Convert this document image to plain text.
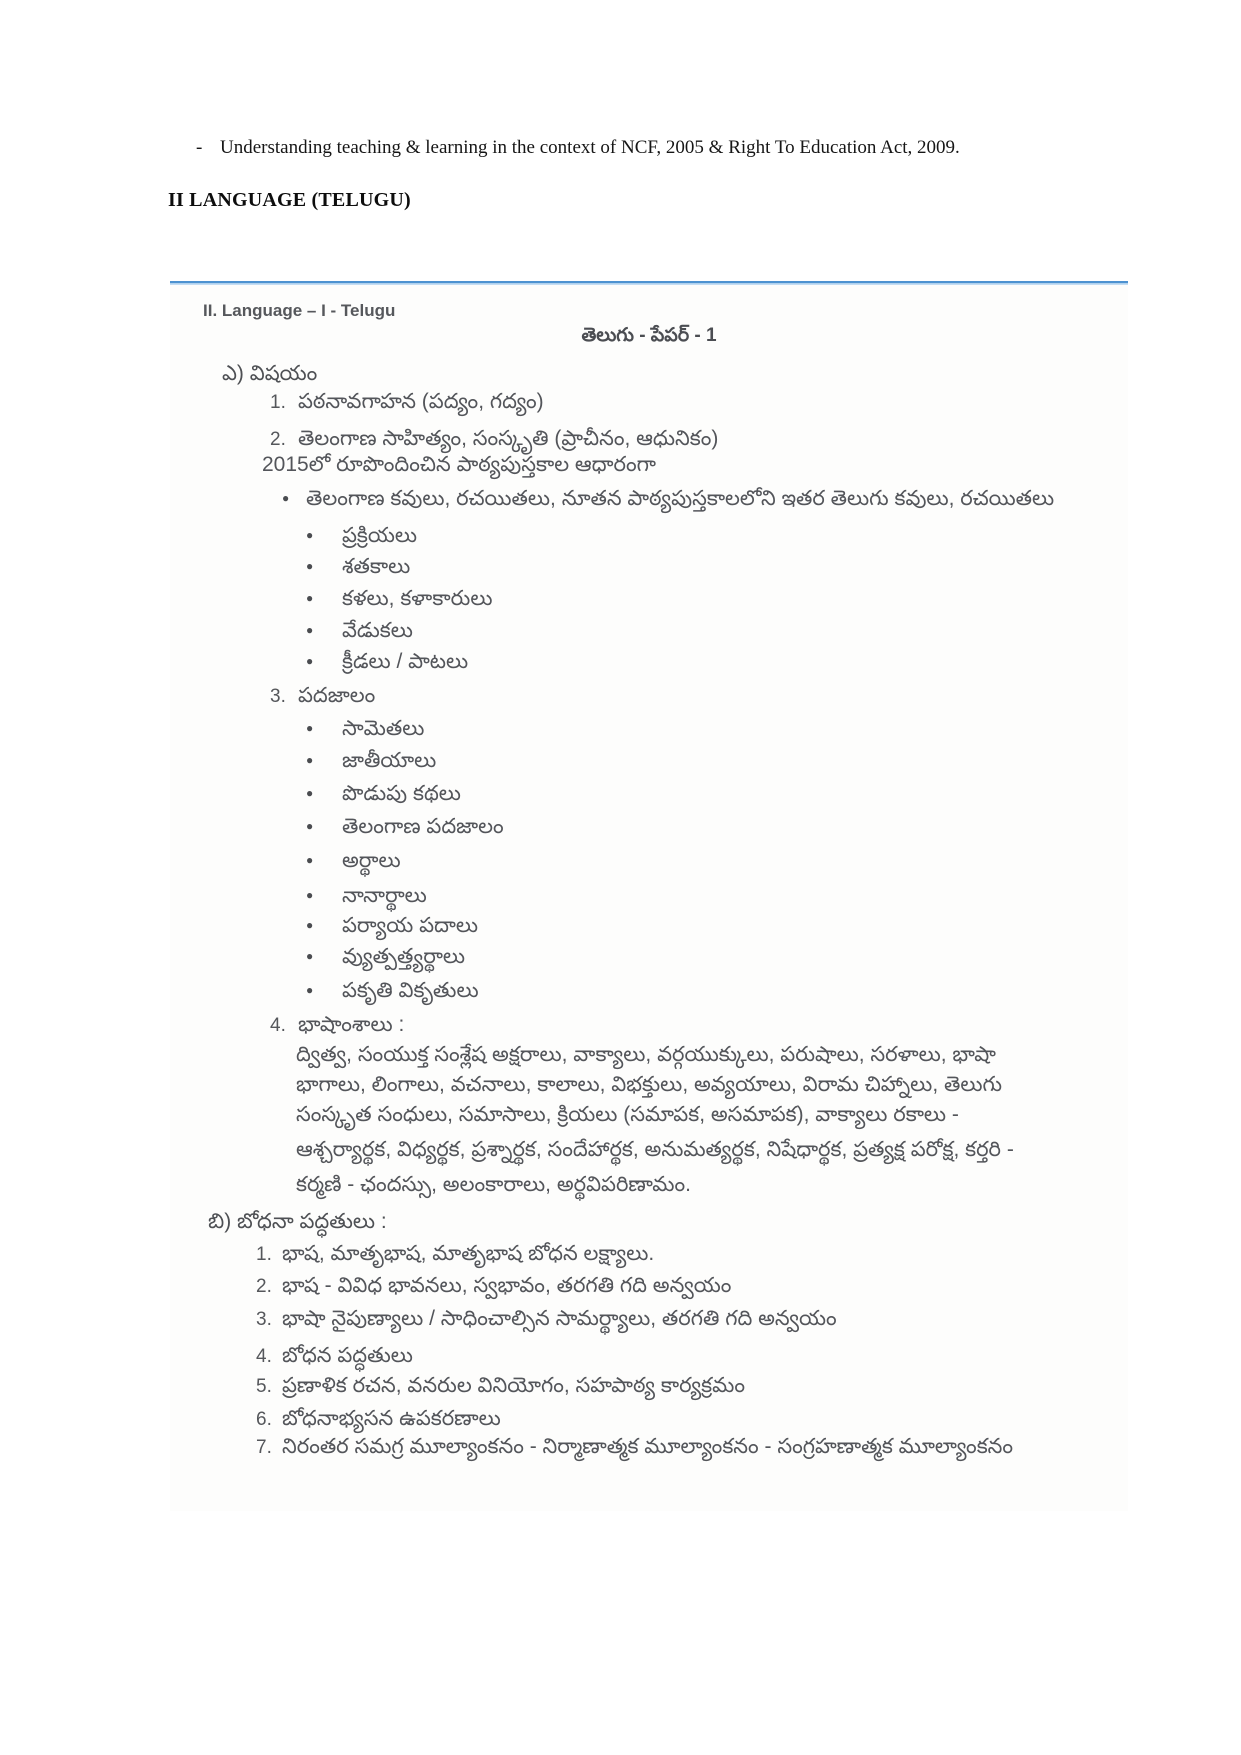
- Understanding teaching & learning in the context of NCF, 2005 & Right To Education Act, 2009.
II LANGUAGE (TELUGU)
II. Language – I - Telugu
తెలుగు - పేపర్ - 1
ఎ) విషయం
1. పఠనావగాహన (పద్యం, గద్యం)
2. తెలంగాణ సాహిత్యం, సంస్కృతి (ప్రాచీనం, ఆధునికం)
2015లో రూపొందించిన పాఠ్యపుస్తకాల ఆధారంగా
● తెలంగాణ కవులు, రచయితలు, నూతన పాఠ్యపుస్తకాలలోని ఇతర తెలుగు కవులు, రచయితలు
● ప్రక్రియలు
● శతకాలు
● కళలు, కళాకారులు
● వేడుకలు
● క్రీడలు / పాటలు
3. పదజాలం
● సామెతలు
● జాతీయాలు
● పొడుపు కథలు
● తెలంగాణ పదజాలం
● అర్థాలు
● నానార్థాలు
● పర్యాయ పదాలు
● వ్యుత్పత్త్యర్థాలు
● పకృతి వికృతులు
4. భాషాంశాలు :
ద్విత్వ, సంయుక్త సంశ్లేష అక్షరాలు, వాక్యాలు, వర్గయుక్కులు, పరుషాలు, సరళాలు, భాషా
భాగాలు, లింగాలు, వచనాలు, కాలాలు, విభక్తులు, అవ్యయాలు, విరామ చిహ్నాలు, తెలుగు
సంస్కృత సంధులు, సమాసాలు, క్రియలు (సమాపక, అసమాపక), వాక్యాలు రకాలు -
ఆశ్చర్యార్థక, విధ్యర్థక, ప్రశ్నార్థక, సందేహార్థక, అనుమత్యర్థక, నిషేధార్థక, ప్రత్యక్ష పరోక్ష, కర్తరి -
కర్మణి - ఛందస్సు, అలంకారాలు, అర్థవిపరిణామం.
బి) బోధనా పద్ధతులు :
1. భాష, మాతృభాష, మాతృభాష బోధన లక్ష్యాలు.
2. భాష - వివిధ భావనలు, స్వభావం, తరగతి గది అన్వయం
3. భాషా నైపుణ్యాలు / సాధించాల్సిన సామర్థ్యాలు, తరగతి గది అన్వయం
4. బోధన పద్ధతులు
5. ప్రణాళిక రచన, వనరుల వినియోగం, సహపాఠ్య కార్యక్రమం
6. బోధనాభ్యసన ఉపకరణాలు
7. నిరంతర సమగ్ర మూల్యాంకనం - నిర్మాణాత్మక మూల్యాంకనం - సంగ్రహణాత్మక మూల్యాంకనం
